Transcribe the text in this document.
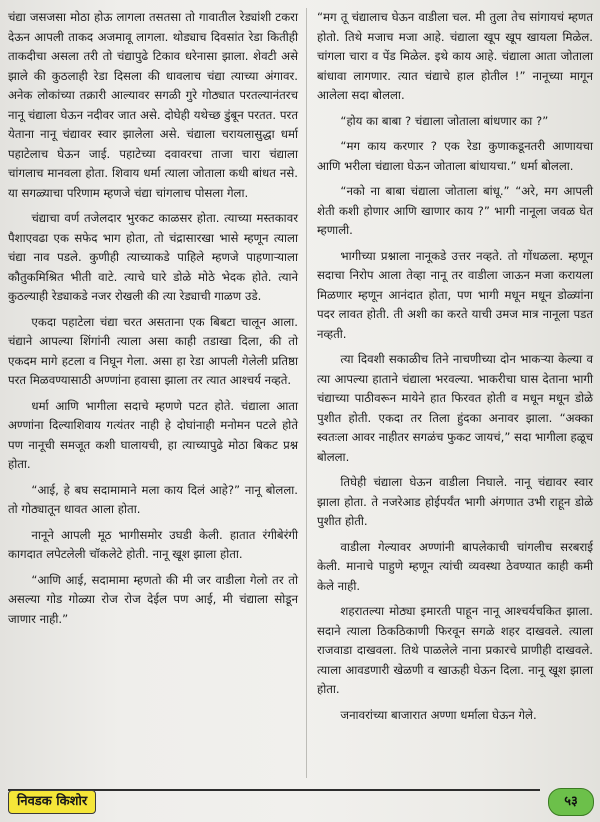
चंद्या जसजसा मोठा होऊ लागला तसतसा तो गावातील रेड्यांशी टकरा देऊन आपली ताकद अजमावू लागला. थोड्याच दिवसांत रेडा कितीही ताकदीचा असला तरी तो चंद्यापुढे टिकाव धरेनासा झाला. शेवटी असे झाले की कुठलाही रेडा दिसला की धावलाच चंद्या त्याच्या अंगावर. अनेक लोकांच्या तक्रारी आल्यावर सगळी गुरे गोठ्यात परतल्यानंतरच नानू चंद्याला घेऊन नदीवर जात असे. दोघेही यथेच्छ डुंबून परतत. परत येताना नानू चंद्यावर स्वार झालेला असे. चंद्याला चरायलासुद्धा धर्मा पहाटेलाच घेऊन जाई. पहाटेच्या दवावरचा ताजा चारा चंद्याला चांगलाच मानवला होता. शिवाय धर्मा त्याला जोताला कधी बांधत नसे. या सगळ्याचा परिणाम म्हणजे चंद्या चांगलाच पोसला गेला.

चंद्याचा वर्ण तजेलदार भुरकट काळसर होता. त्याच्या मस्तकावर पैशाएवढा एक सफेद भाग होता, तो चंद्रासारखा भासे म्हणून त्याला चंद्या नाव पडले. कुणीही त्याच्याकडे पाहिले म्हणजे पाहणाऱ्याला कौतुकमिश्रित भीती वाटे. त्याचे घारे डोळे मोठे भेदक होते. त्याने कुठल्याही रेड्याकडे नजर रोखली की त्या रेड्याची गाळण उडे.

एकदा पहाटेला चंद्या चरत असताना एक बिबटा चालून आला. चंद्याने आपल्या शिंगांनी त्याला असा काही तडाखा दिला, की तो एकदम मागे हटला व निघून गेला. असा हा रेडा आपली गेलेली प्रतिष्ठा परत मिळवण्यासाठी अण्णांना हवासा झाला तर त्यात आश्चर्य नव्हते.

धर्मा आणि भागीला सदाचे म्हणणे पटत होते. चंद्याला आता अण्णांना दिल्याशिवाय गत्यंतर नाही हे दोघांनाही मनोमन पटले होते पण नानूची समजूत कशी घालायची, हा त्याच्यापुढे मोठा बिकट प्रश्न होता.

“आई, हे बघ सदामामाने मला काय दिलं आहे?” नानू बोलला. तो गोठ्यातून धावत आला होता.

नानूने आपली मूठ भागीसमोर उघडी केली. हातात रंगीबेरंगी कागदात लपेटलेली चॉकलेटे होती. नानू खूश झाला होता.

“आणि आई, सदामामा म्हणतो की मी जर वाडीला गेलो तर तो असल्या गोड गोळ्या रोज रोज देईल पण आई, मी चंद्याला सोडून जाणार नाही.”

“मग तू चंद्यालाच घेऊन वाडीला चल. मी तुला तेच सांगायचं म्हणत होतो. तिथे मजाच मजा आहे. चंद्याला खूप खूप खायला मिळेल. चांगला चारा व पेंड मिळेल. इथे काय आहे. चंद्याला आता जोताला बांधावा लागणार. त्यात चंद्याचे हाल होतील !” नानूच्या मागून आलेला सदा बोलला.

“होय का बाबा ? चंद्याला जोताला बांधणार का ?”

“मग काय करणार ? एक रेडा कुणाकडूनतरी आणायचा आणि भरीला चंद्याला घेऊन जोताला बांधायचा.” धर्मा बोलला.

“नको ना बाबा चंद्याला जोताला बांधू.” “अरे, मग आपली शेती कशी होणार आणि खाणार काय ?” भागी नानूला जवळ घेत म्हणाली.

भागीच्या प्रश्नाला नानूकडे उत्तर नव्हते. तो गोंधळला. म्हणून सदाचा निरोप आला तेव्हा नानू तर वाडीला जाऊन मजा करायला मिळणार म्हणून आनंदात होता, पण भागी मधून मधून डोळ्यांना पदर लावत होती. ती अशी का करते याची उमज मात्र नानूला पडत नव्हती.

त्या दिवशी सकाळीच तिने नाचणीच्या दोन भाकऱ्या केल्या व त्या आपल्या हाताने चंद्याला भरवल्या. भाकरीचा घास देताना भागी चंद्याच्या पाठीवरून मायेने हात फिरवत होती व मधून मधून डोळे पुशीत होती. एकदा तर तिला हुंदका अनावर झाला. “अक्का स्वतःला आवर नाहीतर सगळंच फुकट जायचं,” सदा भागीला हळूच बोलला.

तिघेही चंद्याला घेऊन वाडीला निघाले. नानू चंद्यावर स्वार झाला होता. ते नजरेआड होईपर्यंत भागी अंगणात उभी राहून डोळे पुशीत होती.

वाडीला गेल्यावर अण्णांनी बापलेकाची चांगलीच सरबराई केली. मानाचे पाहुणे म्हणून त्यांची व्यवस्था ठेवण्यात काही कमी केले नाही.

शहरातल्या मोठ्या इमारती पाहून नानू आश्चर्यचकित झाला. सदाने त्याला ठिकठिकाणी फिरवून सगळे शहर दाखवले. त्याला राजवाडा दाखवला. तिथे पाळलेले नाना प्रकारचे प्राणीही दाखवले. त्याला आवडणारी खेळणी व खाऊही घेऊन दिला. नानू खूश झाला होता.

जनावरांच्या बाजारात अण्णा धर्माला घेऊन गेले.

निवडक किशोर	५३
